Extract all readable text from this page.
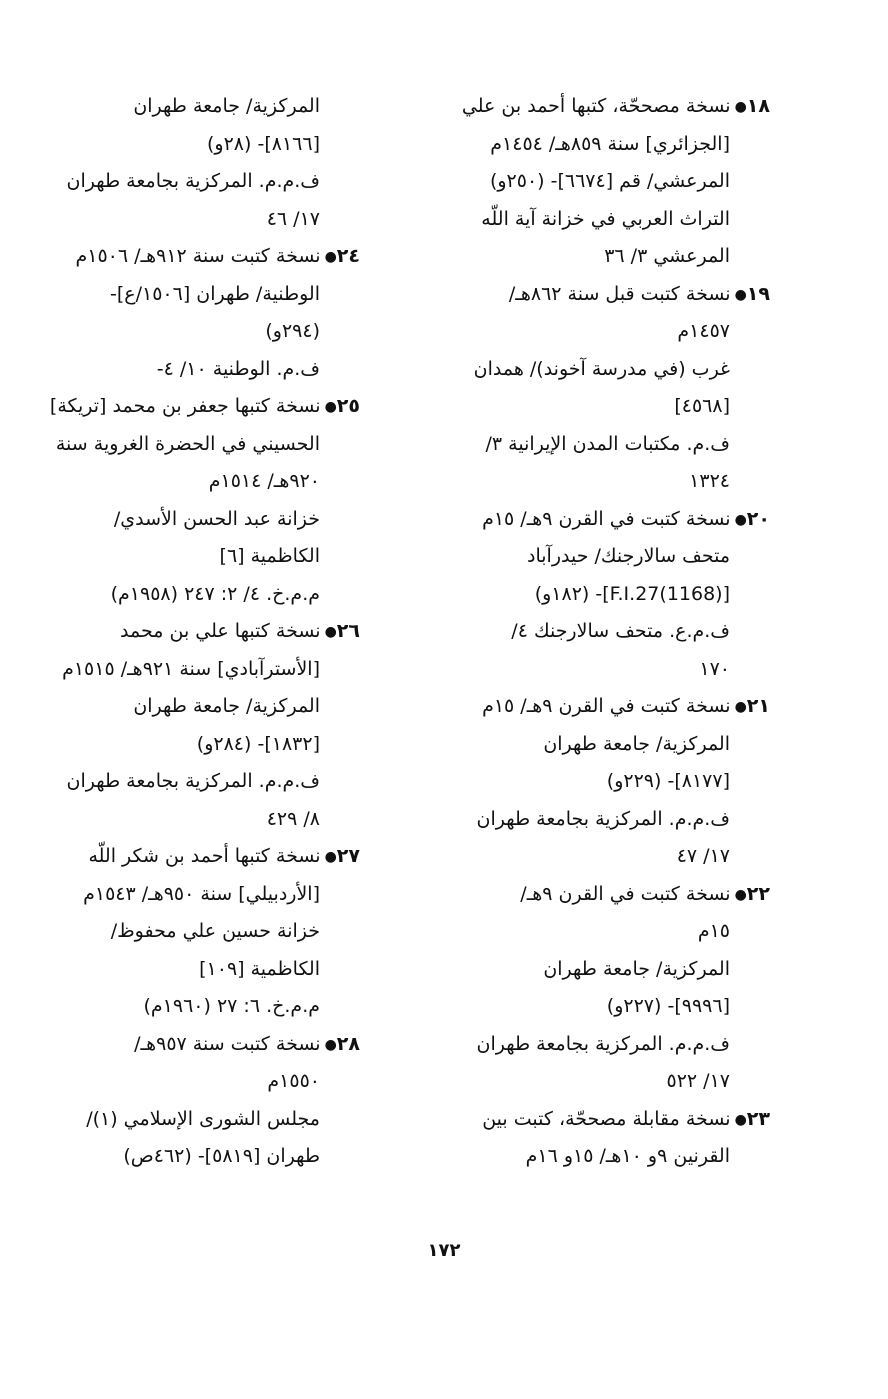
١٨●نسخة مصححّة، كتبها أحمد بن علي
[الجزائري] سنة ٨٥٩هـ/ ١٤٥٤م
المرعشي/ قم [٦٦٧٤]- (٢٥٠و)
التراث العربي في خزانة آية اللّه
المرعشي ٣/ ٣٦
١٩●نسخة كتبت قبل سنة ٨٦٢هـ/
١٤٥٧م
غرب (في مدرسة آخوند)/ همدان
[٤٥٦٨]
ف.م. مكتبات المدن الإيرانية ٣/
١٣٢٤
٢٠●نسخة كتبت في القرن ٩هـ/ ١٥م
متحف سالارجنك/ حيدرآباد
[(1168)F.I.27]- (١٨٢و)
ف.م.ع. متحف سالارجنك ٤/
١٧٠
٢١●نسخة كتبت في القرن ٩هـ/ ١٥م
المركزية/ جامعة طهران
[٨١٧٧]- (٢٢٩و)
ف.م.م. المركزية بجامعة طهران
١٧/ ٤٧
٢٢●نسخة كتبت في القرن ٩هـ/
١٥م
المركزية/ جامعة طهران
[٩٩٩٦]- (٢٢٧و)
ف.م.م. المركزية بجامعة طهران
١٧/ ٥٢٢
٢٣●نسخة مقابلة مصححّة، كتبت بين
القرنين ٩و ١٠هـ/ ١٥و ١٦م
المركزية/ جامعة طهران
[٨١٦٦]- (٢٨و)
ف.م.م. المركزية بجامعة طهران
١٧/ ٤٦
٢٤●نسخة كتبت سنة ٩١٢هـ/ ١٥٠٦م
الوطنية/ طهران [١٥٠٦/ع]-
(٢٩٤و)
ف.م. الوطنية ١٠/ ٤-
٢٥●نسخة كتبها جعفر بن محمد [تريكة]
الحسيني في الحضرة الغروية سنة
٩٢٠هـ/ ١٥١٤م
خزانة عبد الحسن الأسدي/
الكاظمية [٦]
م.م.خ. ٤/ ٢: ٢٤٧ (١٩٥٨م)
٢٦●نسخة كتبها علي بن محمد
[الأسترآبادي] سنة ٩٢١هـ/ ١٥١٥م
المركزية/ جامعة طهران
[١٨٣٢]- (٢٨٤و)
ف.م.م. المركزية بجامعة طهران
٨/ ٤٢٩
٢٧●نسخة كتبها أحمد بن شكر اللّه
[الأردبيلي] سنة ٩٥٠هـ/ ١٥٤٣م
خزانة حسين علي محفوظ/
الكاظمية [١٠٩]
م.م.خ. ٦: ٢٧ (١٩٦٠م)
٢٨●نسخة كتبت سنة ٩٥٧هـ/
١٥٥٠م
مجلس الشورى الإسلامي (١)/
طهران [٥٨١٩]- (٤٦٢ص)
١٧٢
